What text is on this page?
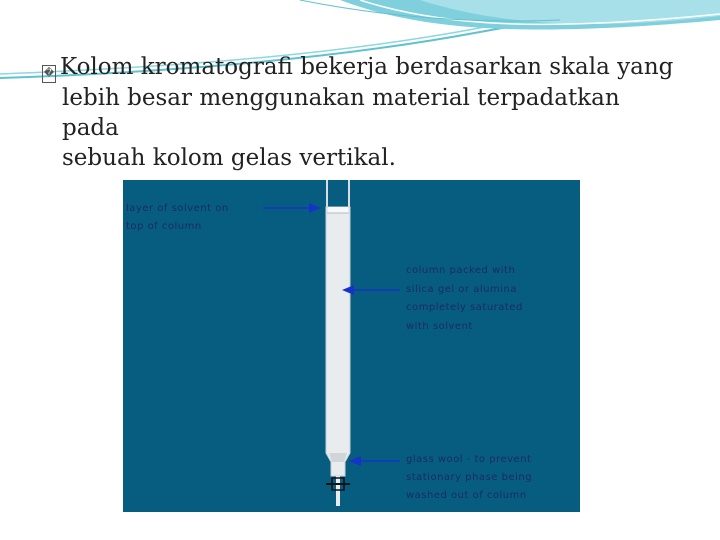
� Kolom kromatografi bekerja berdasarkan skala yang
lebih besar menggunakan material terpadatkan pada
sebuah kolom gelas vertikal.
layer of solvent on
top of column
column packed with
silica gel or alumina
completely saturated
with solvent
glass wool - to prevent
stationary phase being
washed out of column
